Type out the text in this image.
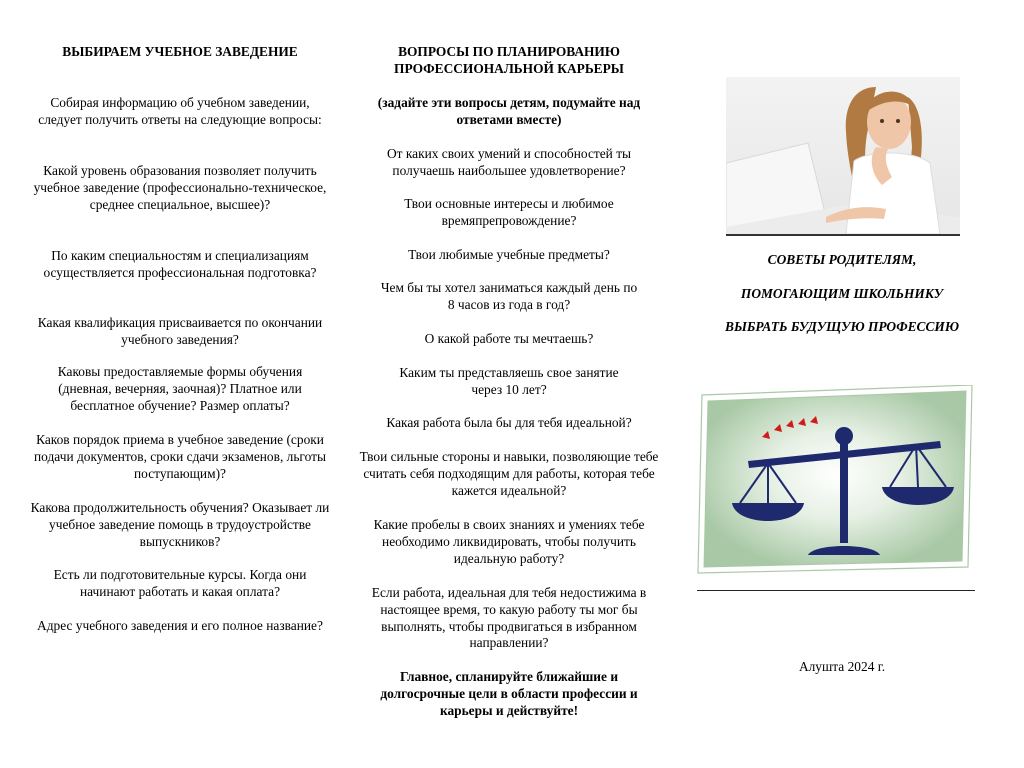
ВЫБИРАЕМ УЧЕБНОЕ ЗАВЕДЕНИЕ
Собирая информацию об учебном заведении, следует получить ответы на следующие вопросы:
Какой уровень образования позволяет получить учебное заведение (профессионально-техническое, среднее специальное, высшее)?
По каким специальностям и специализациям осуществляется профессиональная подготовка?
Какая квалификация присваивается по окончании учебного заведения?
Каковы предоставляемые формы обучения (дневная, вечерняя, заочная)? Платное или бесплатное обучение? Размер оплаты?
Каков порядок приема в учебное заведение (сроки подачи документов, сроки сдачи экзаменов, льготы поступающим)?
Какова продолжительность обучения? Оказывает ли учебное заведение помощь в трудоустройстве выпускников?
Есть ли подготовительные курсы. Когда они начинают работать и какая оплата?
Адрес учебного заведения и его полное название?
ВОПРОСЫ ПО ПЛАНИРОВАНИЮ
ПРОФЕССИОНАЛЬНОЙ КАРЬЕРЫ
(задайте эти вопросы детям, подумайте над ответами вместе)
От каких своих умений и способностей ты получаешь наибольшее удовлетворение?
Твои основные интересы и любимое времяпрепровождение?
Твои любимые учебные предметы?
Чем бы ты хотел заниматься каждый день по
8 часов из года в год?
О какой работе ты мечтаешь?
Каким ты представляешь свое занятие
через 10 лет?
Какая работа была бы для тебя идеальной?
Твои сильные стороны и навыки, позволяющие тебе считать себя подходящим для работы, которая тебе кажется идеальной?
Какие пробелы в своих знаниях и умениях тебе необходимо ликвидировать, чтобы получить идеальную работу?
Если работа, идеальная для тебя недостижима в настоящее время, то какую работу ты мог бы выполнять, чтобы продвигаться в избранном направлении?
Главное, спланируйте ближайшие и долгосрочные цели в области профессии и карьеры и действуйте!
СОВЕТЫ РОДИТЕЛЯМ,
ПОМОГАЮЩИМ ШКОЛЬНИКУ
ВЫБРАТЬ БУДУЩУЮ ПРОФЕССИЮ
Алушта 2024 г.
